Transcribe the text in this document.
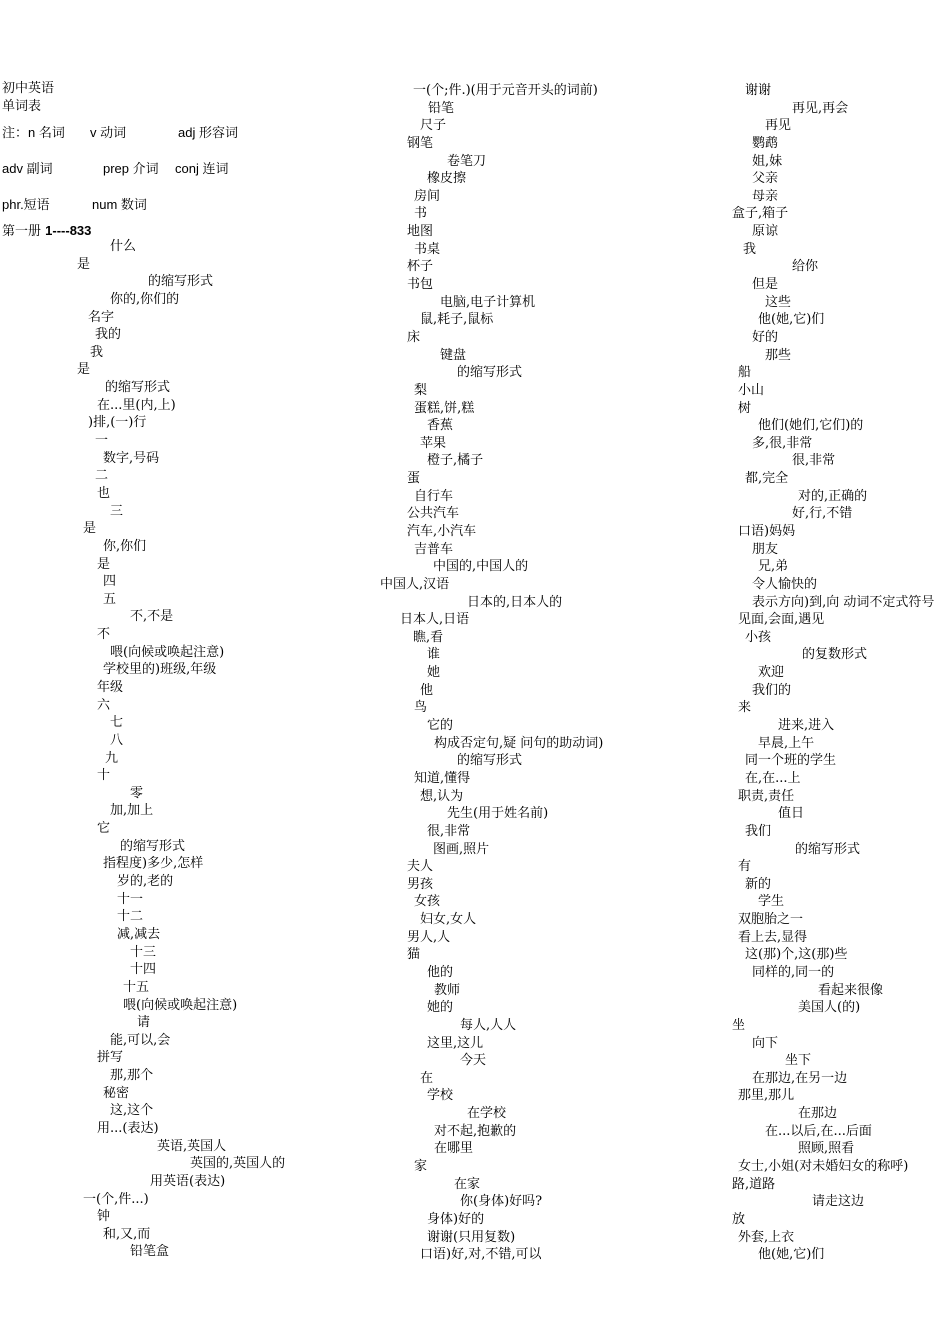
初中英语
单词表
注：n 名词 v 动词	adj 形容词
adv 副词	prep 介词 conj 连词
phr.短语	num 数词
第一册 1----833
什么
是
的缩写形式
你的,你们的
名字
我的
我
是
的缩写形式
在...里(内,上)
)排,(一)行
一
数字,号码
二
也
三
是
你,你们
是
四
五
不,不是
不
喂(向候或唤起注意)
学校里的)班级,年级
年级
六
七
八
九
十
零
加,加上
它
的缩写形式
指程度)多少,怎样
岁的,老的
十一
十二
减,减去
十三
十四
十五
喂(向候或唤起注意)
请
能,可以,会
拼写
那,那个
秘密
这,这个
用...(表达)
英语,英国人
英国的,英国人的
用英语(表达)
一(个,件...)
钟
和,又,而
铅笔盒
一(个;件.)(用于元音开头的词前)
铅笔
尺子
钢笔
卷笔刀
橡皮擦
房间
书
地图
书桌
杯子
书包
电脑,电子计算机
鼠,耗子,鼠标
床
键盘
的缩写形式
梨
蛋糕,饼,糕
香蕉
苹果
橙子,橘子
蛋
自行车
公共汽车
汽车,小汽车
吉普车
中国的,中国人的
中国人,汉语
日本的,日本人的
日本人,日语
瞧,看
谁
她
他
鸟
它的
构成否定句,疑 问句的助动词)
的缩写形式
知道,懂得
想,认为
先生(用于姓名前)
很,非常
图画,照片
夫人
男孩
女孩
妇女,女人
男人,人
猫
他的
教师
她的
每人,人人
这里,这儿
今天
在
学校
在学校
对不起,抱歉的
在哪里
家
在家
你(身体)好吗?
身体)好的
谢谢(只用复数)
口语)好,对,不错,可以
谢谢
再见,再会
再见
鹦鹉
姐,妹
父亲
母亲
盒子,箱子
原谅
我
给你
但是
这些
他(她,它)们
好的
那些
船
小山
树
他们(她们,它们)的
多,很,非常
很,非常
都,完全
对的,正确的
好,行,不错
口语)妈妈
朋友
兄,弟
令人愉快的
表示方向)到,向 动词不定式符号
见面,会面,遇见
小孩
的复数形式
欢迎
我们的
来
进来,进入
早晨,上午
同一个班的学生
在,在...上
职责,责任
值日
我们
的缩写形式
有
新的
学生
双胞胎之一
看上去,显得
这(那)个,这(那)些
同样的,同一的
看起来很像
美国人(的)
坐
向下
坐下
在那边,在另一边
那里,那儿
在那边
在...以后,在...后面
照顾,照看
女士,小姐(对未婚妇女的称呼)
路,道路
请走这边
放
外套,上衣
他(她,它)们
